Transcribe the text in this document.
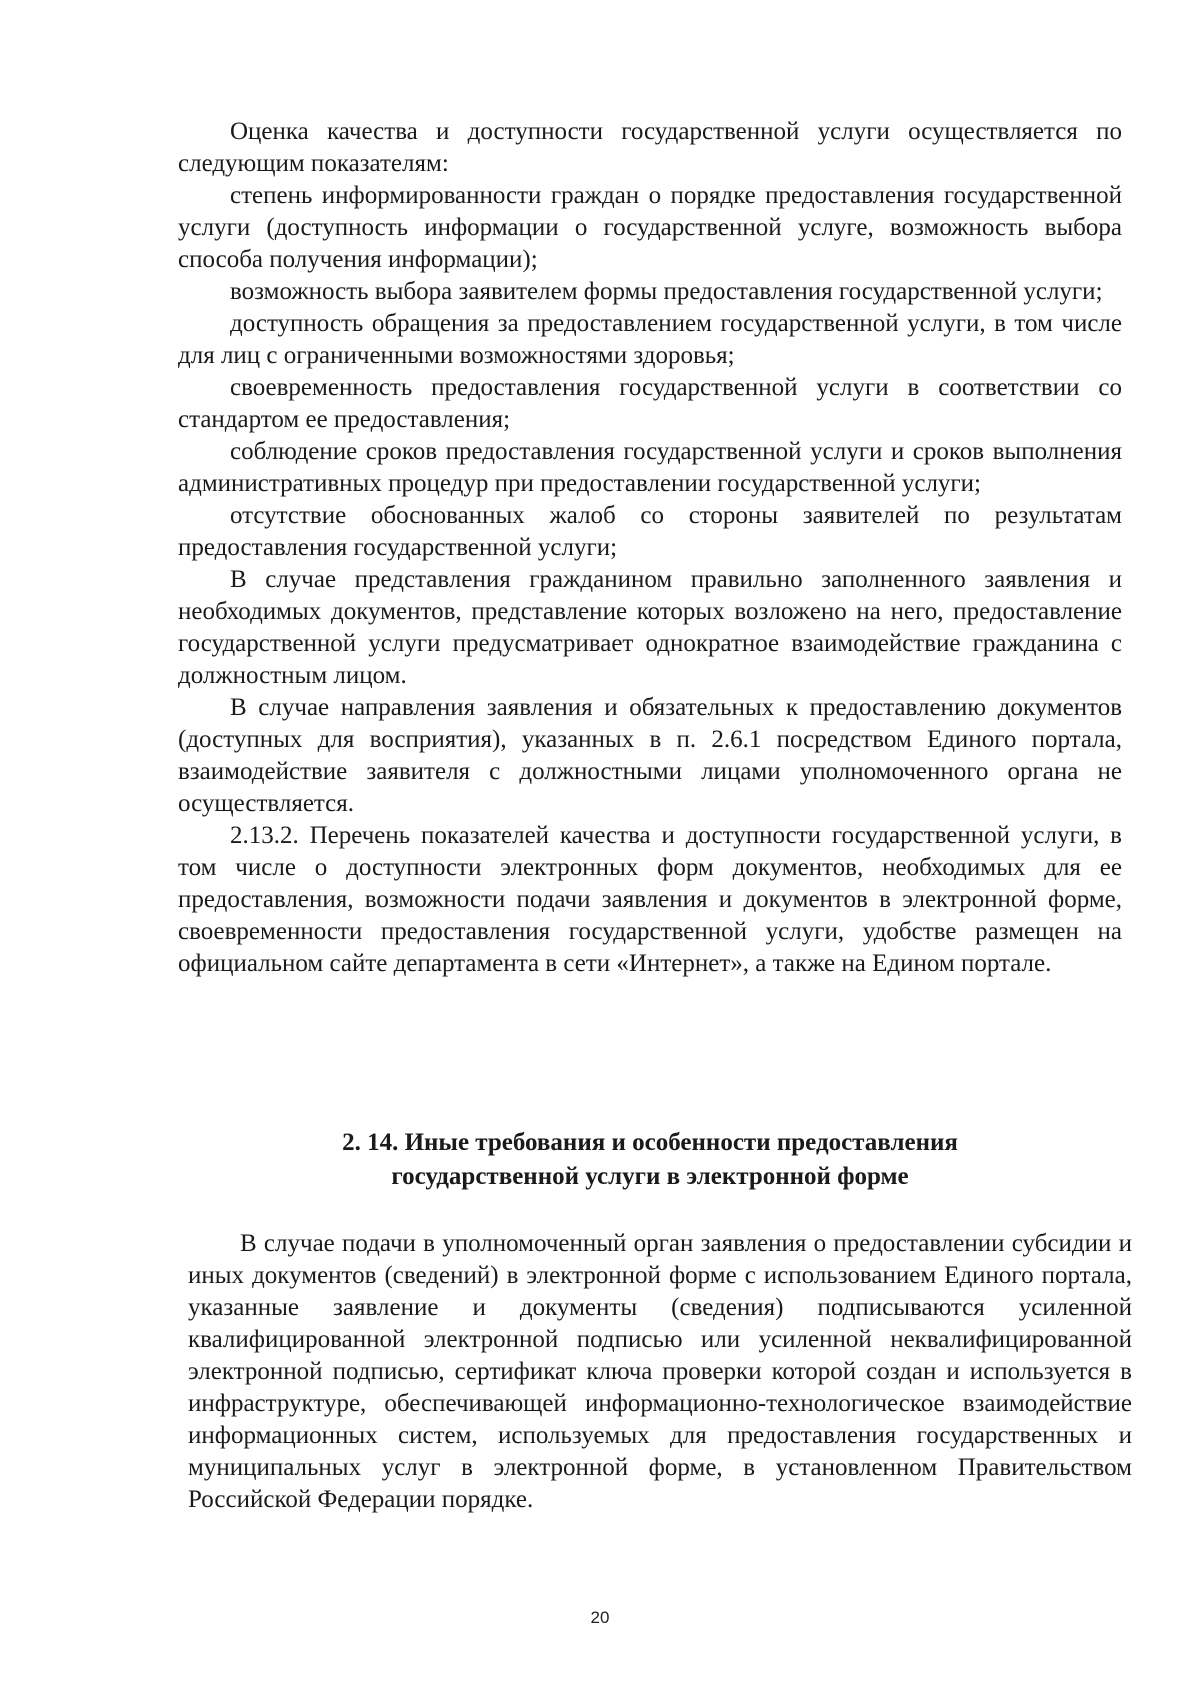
Оценка качества и доступности государственной услуги осуществляется по следующим показателям:

степень информированности граждан о порядке предоставления государственной услуги (доступность информации о государственной услуге, возможность выбора способа получения информации);

возможность выбора заявителем формы предоставления государственной услуги;

доступность обращения за предоставлением государственной услуги, в том числе для лиц с ограниченными возможностями здоровья;

своевременность предоставления государственной услуги в соответствии со стандартом ее предоставления;

соблюдение сроков предоставления государственной услуги и сроков выполнения административных процедур при предоставлении государственной услуги;

отсутствие обоснованных жалоб со стороны заявителей по результатам предоставления государственной услуги;

В случае представления гражданином правильно заполненного заявления и необходимых документов, представление которых возложено на него, предоставление государственной услуги предусматривает однократное взаимодействие гражданина с должностным лицом.

В случае направления заявления и обязательных к предоставлению документов (доступных для восприятия), указанных в п. 2.6.1 посредством Единого портала, взаимодействие заявителя с должностными лицами уполномоченного органа не осуществляется.

2.13.2. Перечень показателей качества и доступности государственной услуги, в том числе о доступности электронных форм документов, необходимых для ее предоставления, возможности подачи заявления и документов в электронной форме, своевременности предоставления государственной услуги, удобстве размещен на официальном сайте департамента в сети «Интернет», а также на Едином портале.

2. 14. Иные требования и особенности предоставления
государственной услуги в электронной форме

В случае подачи в уполномоченный орган заявления о предоставлении субсидии и иных документов (сведений) в электронной форме с использованием Единого портала, указанные заявление и документы (сведения) подписываются усиленной квалифицированной электронной подписью или усиленной неквалифицированной электронной подписью, сертификат ключа проверки которой создан и используется в инфраструктуре, обеспечивающей информационно-технологическое взаимодействие информационных систем, используемых для предоставления государственных и муниципальных услуг в электронной форме, в установленном Правительством Российской Федерации порядке.

20
